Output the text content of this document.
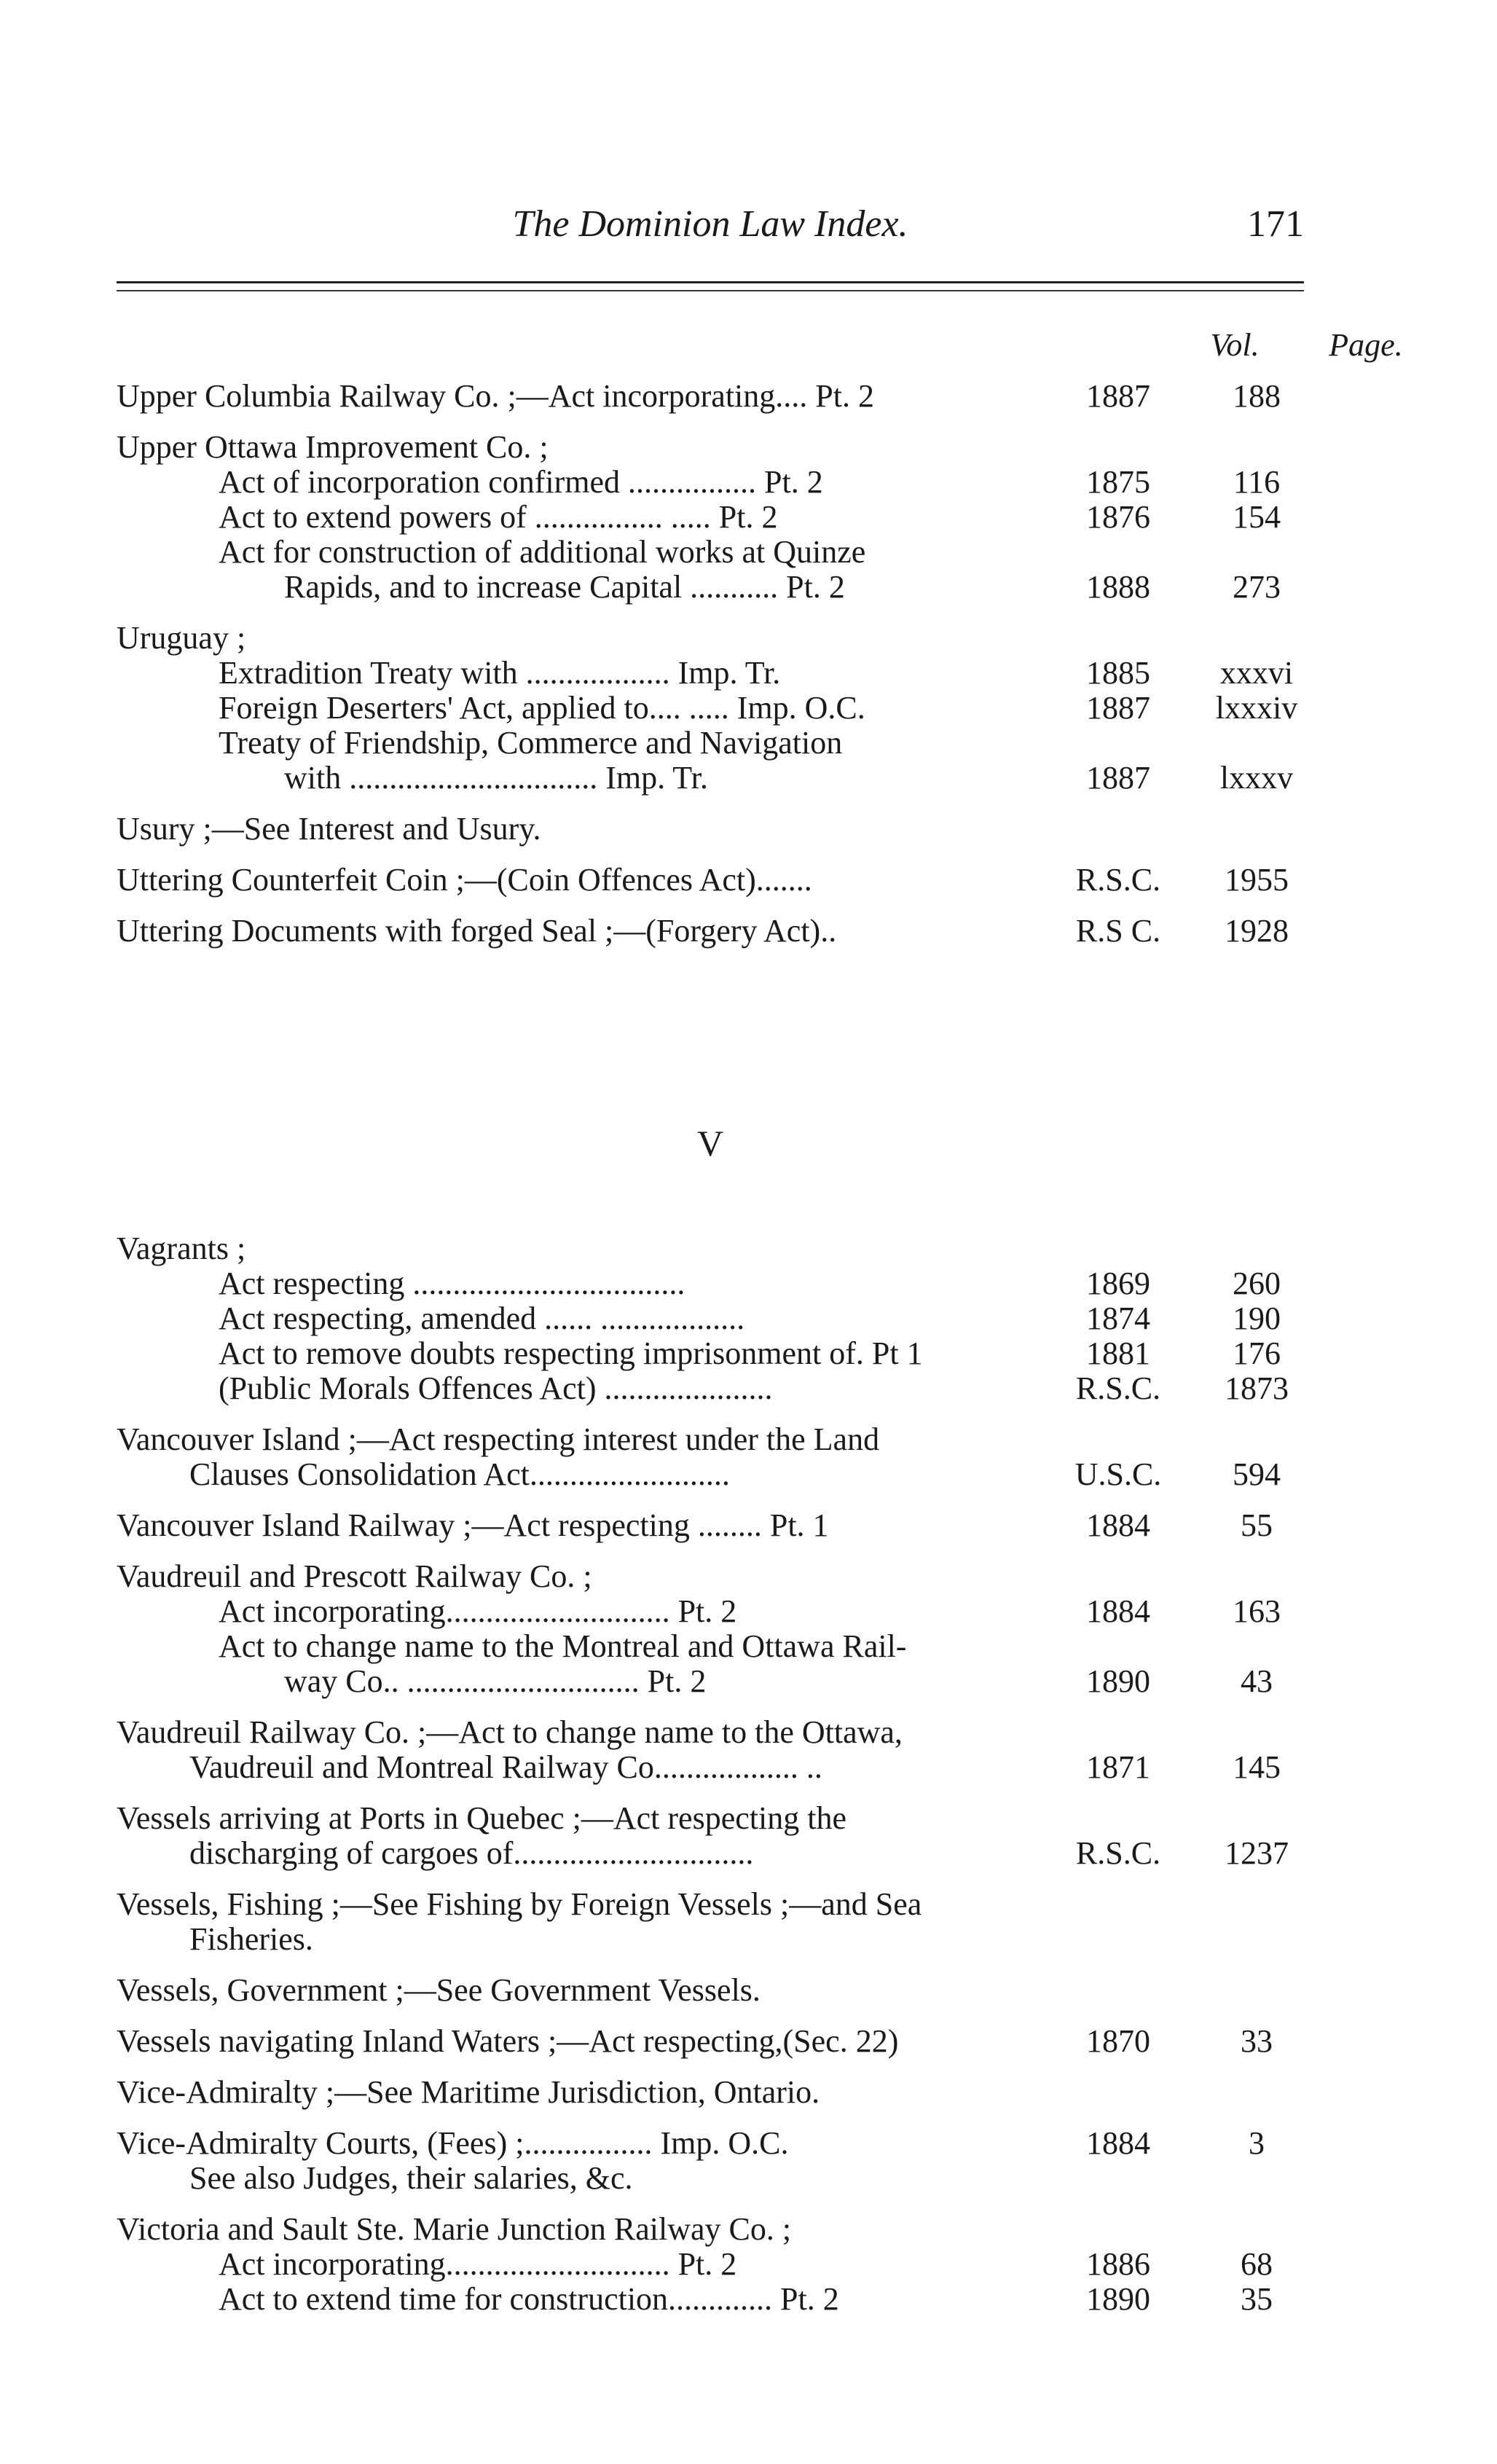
The Dominion Law Index.	171
Vol.	Page.
Upper Columbia Railway Co. ;—Act incorporating.... Pt. 2	1887	188
Upper Ottawa Improvement Co. ;
Act of incorporation confirmed ................ Pt. 2	1875	116
Act to extend powers of ................ ..... Pt. 2	1876	154
Act for construction of additional works at Quinze
Rapids, and to increase Capital ........... Pt. 2	1888	273
Uruguay ;
Extradition Treaty with .................. Imp. Tr.	1885	xxxvi
Foreign Deserters' Act, applied to.... ..... Imp. O.C.	1887	lxxxiv
Treaty of Friendship, Commerce and Navigation
with ............................... Imp. Tr.	1887	lxxxv
Usury ;—See Interest and Usury.
Uttering Counterfeit Coin ;—(Coin Offences Act).......	R.S.C.	1955
Uttering Documents with forged Seal ;—(Forgery Act)..	R.S C.	1928
V
Vagrants ;
Act respecting ..................................	1869	260
Act respecting, amended ...... ..................	1874	190
Act to remove doubts respecting imprisonment of. Pt 1	1881	176
(Public Morals Offences Act) .....................	R.S.C.	1873
Vancouver Island ;—Act respecting interest under the Land
Clauses Consolidation Act.........................	U.S.C.	594
Vancouver Island Railway ;—Act respecting ........ Pt. 1	1884	55
Vaudreuil and Prescott Railway Co. ;
Act incorporating............................ Pt. 2	1884	163
Act to change name to the Montreal and Ottawa Rail-
way Co.. ............................. Pt. 2	1890	43
Vaudreuil Railway Co. ;—Act to change name to the Ottawa,
Vaudreuil and Montreal Railway Co.................. ..	1871	145
Vessels arriving at Ports in Quebec ;—Act respecting the
discharging of cargoes of..............................	R.S.C.	1237
Vessels, Fishing ;—See Fishing by Foreign Vessels ;—and Sea
Fisheries.
Vessels, Government ;—See Government Vessels.
Vessels navigating Inland Waters ;—Act respecting,(Sec. 22)	1870	33
Vice-Admiralty ;—See Maritime Jurisdiction, Ontario.
Vice-Admiralty Courts, (Fees) ;................ Imp. O.C.	1884	3
See also Judges, their salaries, &c.
Victoria and Sault Ste. Marie Junction Railway Co. ;
Act incorporating............................ Pt. 2	1886	68
Act to extend time for construction............. Pt. 2	1890	35
